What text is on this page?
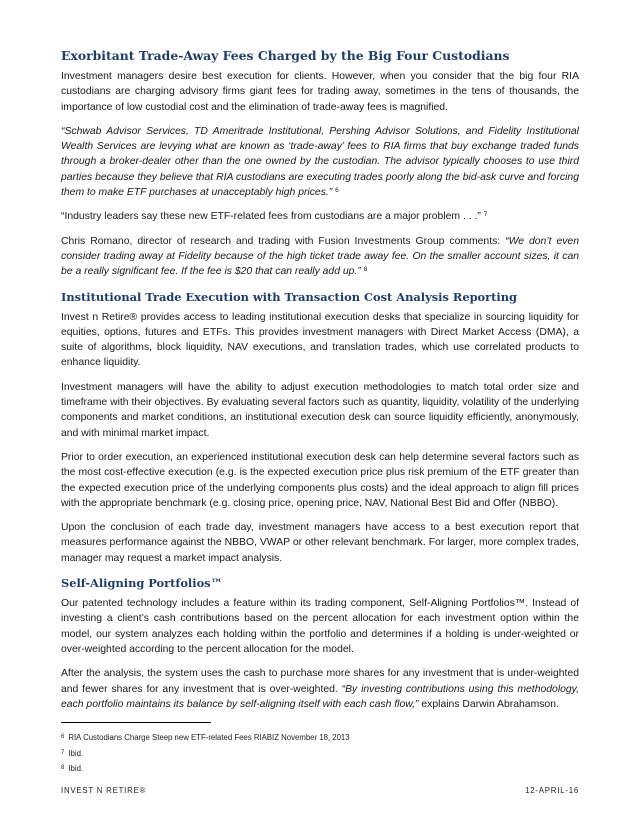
Exorbitant Trade-Away Fees Charged by the Big Four Custodians

Investment managers desire best execution for clients. However, when you consider that the big four RIA custodians are charging advisory firms giant fees for trading away, sometimes in the tens of thousands, the importance of low custodial cost and the elimination of trade-away fees is magnified.

“Schwab Advisor Services, TD Ameritrade Institutional, Pershing Advisor Solutions, and Fidelity Institutional Wealth Services are levying what are known as ‘trade-away’ fees to RIA firms that buy exchange traded funds through a broker-dealer other than the one owned by the custodian. The advisor typically chooses to use third parties because they believe that RIA custodians are executing trades poorly along the bid-ask curve and forcing them to make ETF purchases at unacceptably high prices.” $^6$

“Industry leaders say these new ETF-related fees from custodians are a major problem . . .” $^7$

Chris Romano, director of research and trading with Fusion Investments Group comments: “We don’t even consider trading away at Fidelity because of the high ticket trade away fee. On the smaller account sizes, it can be a really significant fee. If the fee is $20 that can really add up.” $^8$

Institutional Trade Execution with Transaction Cost Analysis Reporting

Invest n Retire® provides access to leading institutional execution desks that specialize in sourcing liquidity for equities, options, futures and ETFs. This provides investment managers with Direct Market Access (DMA), a suite of algorithms, block liquidity, NAV executions, and translation trades, which use correlated products to enhance liquidity.

Investment managers will have the ability to adjust execution methodologies to match total order size and timeframe with their objectives. By evaluating several factors such as quantity, liquidity, volatility of the underlying components and market conditions, an institutional execution desk can source liquidity efficiently, anonymously, and with minimal market impact.

Prior to order execution, an experienced institutional execution desk can help determine several factors such as the most cost-effective execution (e.g. is the expected execution price plus risk premium of the ETF greater than the expected execution price of the underlying components plus costs) and the ideal approach to align fill prices with the appropriate benchmark (e.g. closing price, opening price, NAV, National Best Bid and Offer (NBBO).

Upon the conclusion of each trade day, investment managers have access to a best execution report that measures performance against the NBBO, VWAP or other relevant benchmark. For larger, more complex trades, manager may request a market impact analysis.

Self-Aligning Portfolios™

Our patented technology includes a feature within its trading component, Self-Aligning Portfolios™. Instead of investing a client’s cash contributions based on the percent allocation for each investment option within the model, our system analyzes each holding within the portfolio and determines if a holding is under-weighted or over-weighted according to the percent allocation for the model.

After the analysis, the system uses the cash to purchase more shares for any investment that is under-weighted and fewer shares for any investment that is over-weighted. “By investing contributions using this methodology, each portfolio maintains its balance by self-aligning itself with each cash flow,” explains Darwin Abrahamson.

$^6$ RIA Custodians Charge Steep new ETF-related Fees RIABIZ November 18, 2013
$^7$ Ibid.
$^8$ Ibid.
INVEST N RETIRE®	12-APRIL-16
